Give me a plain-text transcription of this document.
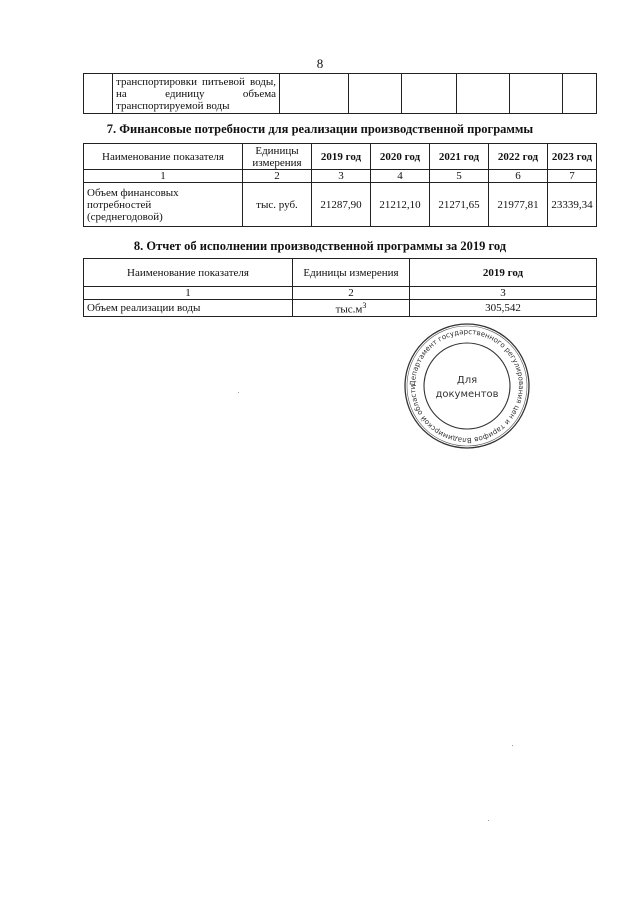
8

транспортировки питьевой воды,
на единицу объема
транспортируемой воды

7. Финансовые потребности для реализации производственной программы
Наименование показателя	Единицы измерения	2019 год	2020 год	2021 год	2022 год	2023 год
1	2	3	4	5	6	7

Объем финансовых
потребностей
(среднегодовой)	тыс. руб.	21287,90	21212,10	21271,65	21977,81	23339,34
8. Отчет об исполнении производственной программы за 2019 год
Наименование показателя	Единицы измерения	2019 год
1	2	3
Объем реализации воды	$тыс.м^3$	305,542
Департамент государственного регулирования цен и тарифов Владимирской области
Для
документов
